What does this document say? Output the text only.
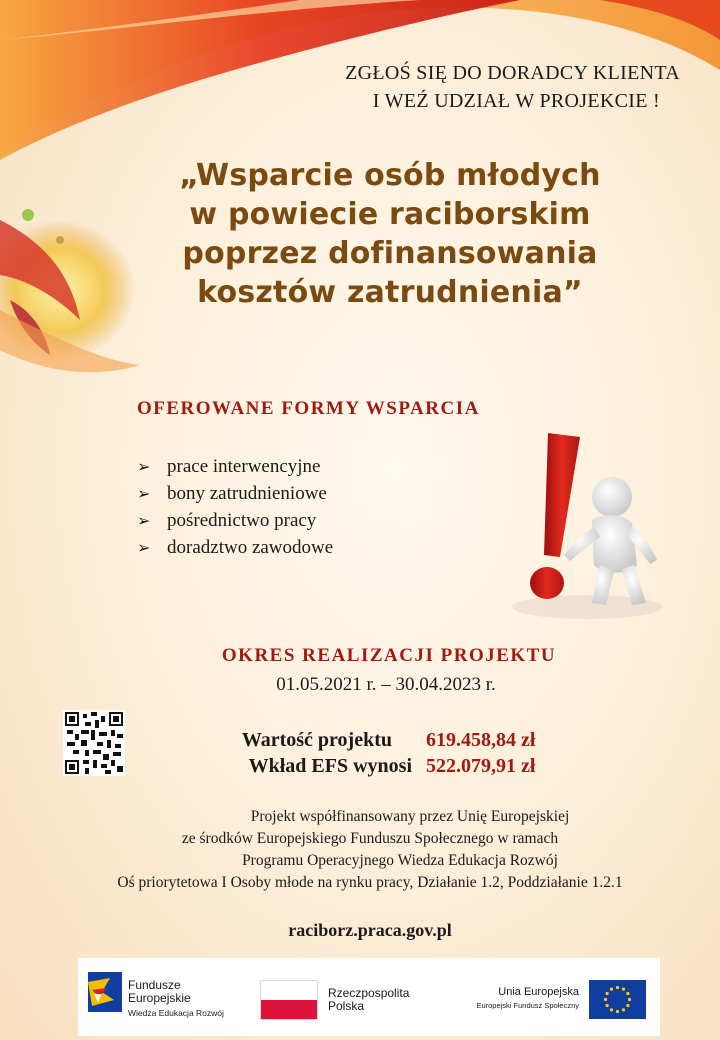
ZGŁOŚ SIĘ DO DORADCY KLIENTA
I WEŹ UDZIAŁ W PROJEKCIE !
„Wsparcie osób młodych
w powiecie raciborskim
poprzez dofinansowania
kosztów zatrudnienia”
OFEROWANE FORMY WSPARCIA
➢ prace interwencyjne
➢ bony zatrudnieniowe
➢ pośrednictwo pracy
➢ doradztwo zawodowe
OKRES REALIZACJI PROJEKTU
01.05.2021 r. – 30.04.2023 r.
Wartość projektu 619.458,84 zł
Wkład EFS wynosi 522.079,91 zł
Projekt współfinansowany przez Unię Europejskiej
ze środków Europejskiego Funduszu Społecznego w ramach
Programu Operacyjnego Wiedza Edukacja Rozwój
Oś priorytetowa I Osoby młode na rynku pracy, Działanie 1.2, Poddziałanie 1.2.1
raciborz.praca.gov.pl
Fundusze
Europejskie
Wiedza Edukacja Rozwój
Rzeczpospolita
Polska
Unia Europejska
Europejski Fundusz Społeczny
